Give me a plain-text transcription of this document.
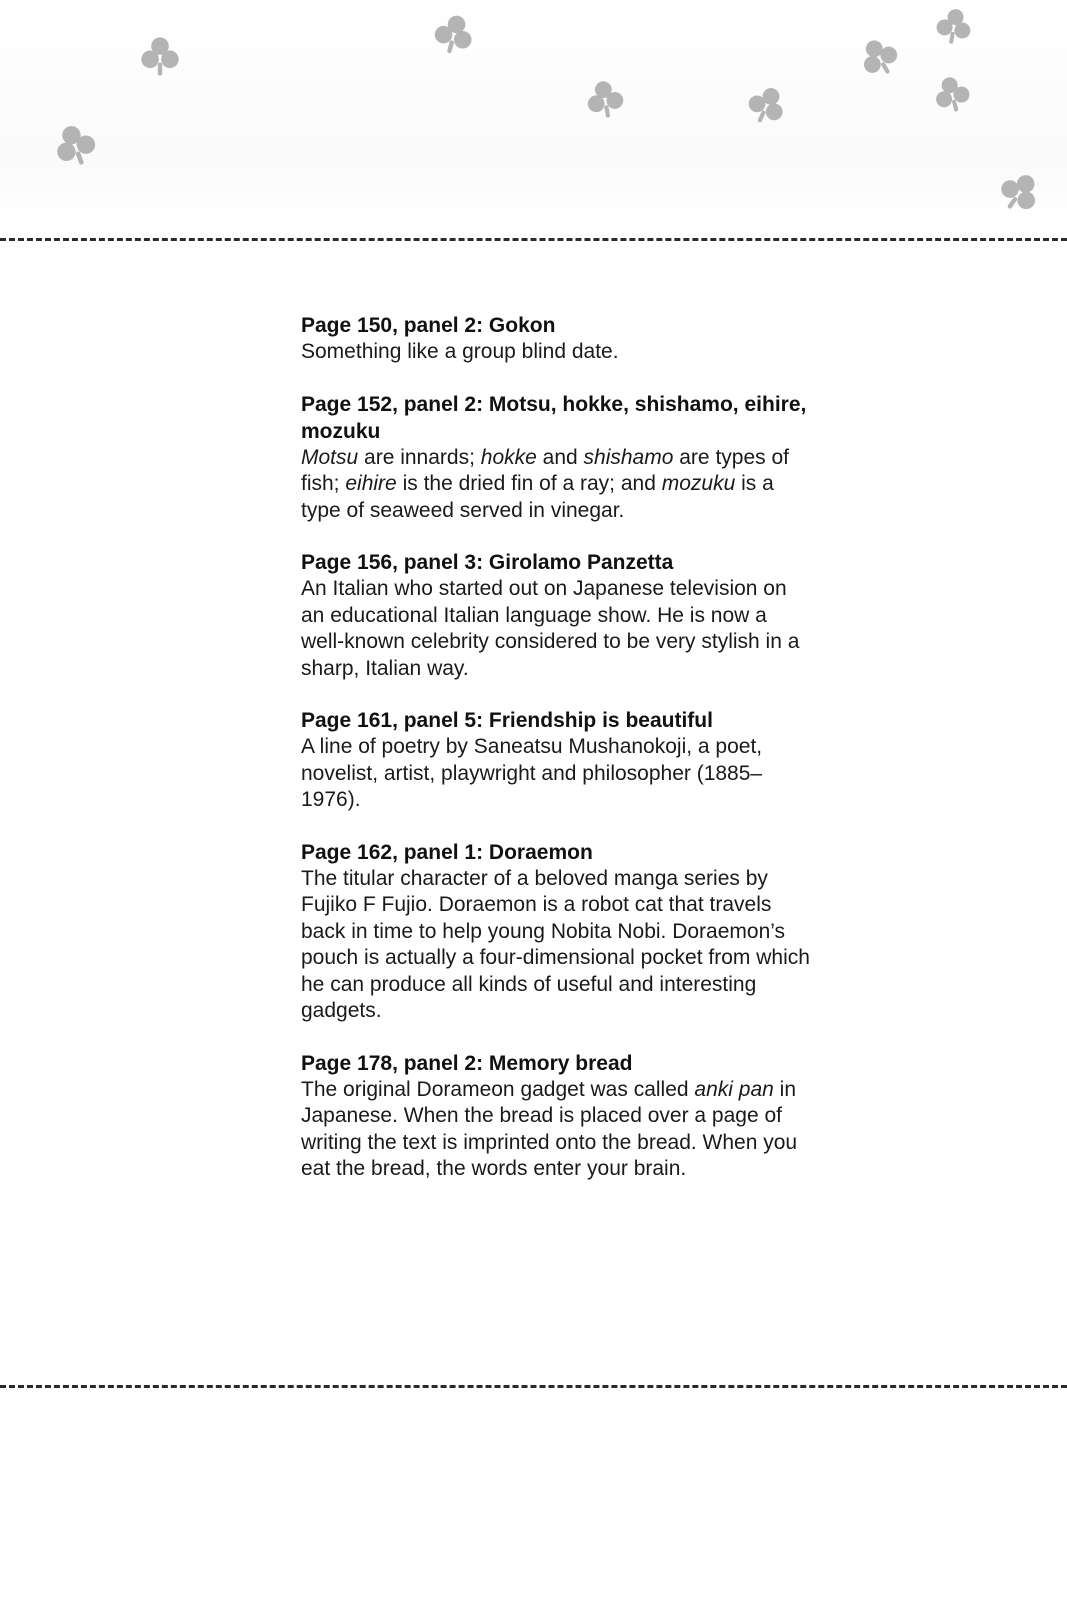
Page 150, panel 2: Gokon

Something like a group blind date.

Page 152, panel 2: Motsu, hokke, shishamo, eihire, mozuku

Motsu are innards; hokke and shishamo are types of fish; eihire is the dried fin of a ray; and mozuku is a type of seaweed served in vinegar.

Page 156, panel 3: Girolamo Panzetta

An Italian who started out on Japanese television on an educational Italian language show. He is now a well-known celebrity considered to be very stylish in a sharp, Italian way.

Page 161, panel 5: Friendship is beautiful

A line of poetry by Saneatsu Mushanokoji, a poet, novelist, artist, playwright and philosopher (1885–1976).

Page 162, panel 1: Doraemon

The titular character of a beloved manga series by Fujiko F Fujio. Doraemon is a robot cat that travels back in time to help young Nobita Nobi. Doraemon’s pouch is actually a four-dimensional pocket from which he can produce all kinds of useful and interesting gadgets.

Page 178, panel 2: Memory bread

The original Dorameon gadget was called anki pan in Japanese. When the bread is placed over a page of writing the text is imprinted onto the bread. When you eat the bread, the words enter your brain.
